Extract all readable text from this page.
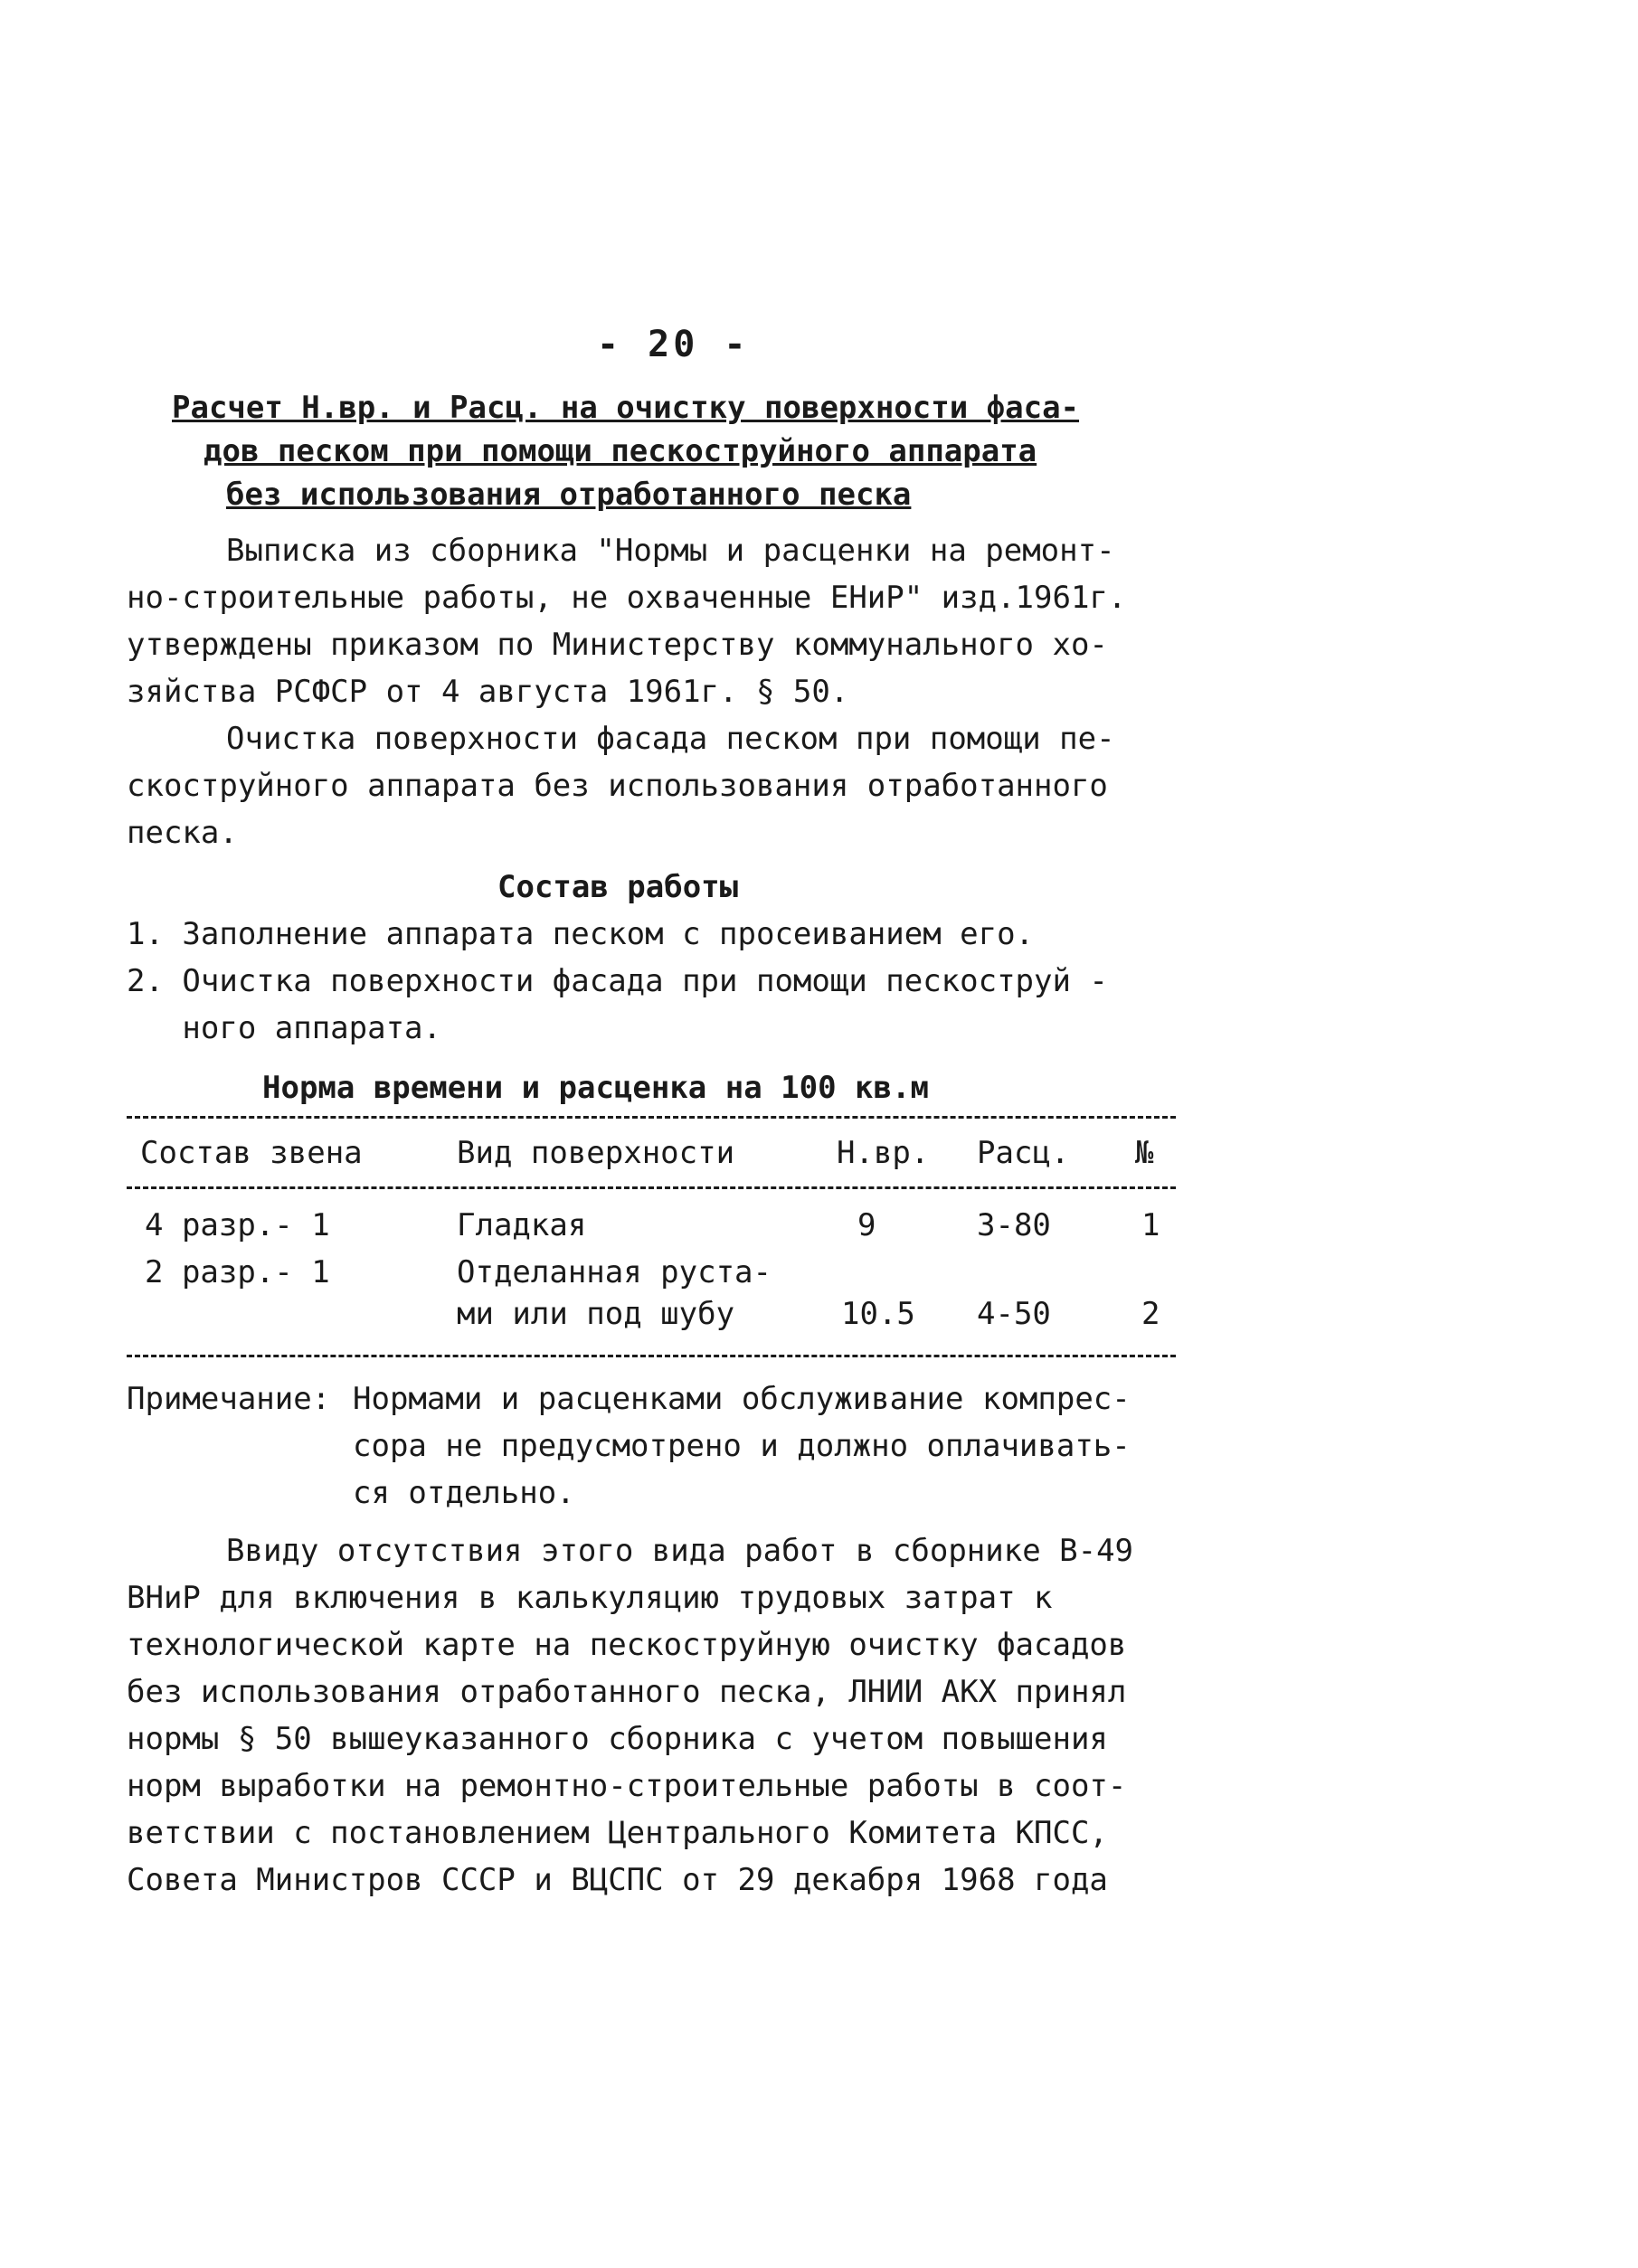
- 20 -
Расчет Н.вр. и Расц. на очистку поверхности фаса-
дов песком при помощи пескоструйного аппарата
без использования отработанного песка
Выписка из сборника "Нормы и расценки на ремонт-
но-строительные работы, не охваченные ЕНиР" изд.1961г.
утверждены приказом по Министерству коммунального хо-
зяйства РСФСР от 4 августа 1961г. § 50.
Очистка поверхности фасада песком при помощи пе-
скоструйного аппарата без использования отработанного
песка.
Состав работы
1. Заполнение аппарата песком с просеиванием его.
2. Очистка поверхности фасада при помощи пескоструй -
ного аппарата.
Норма времени и расценка на 100 кв.м
Состав звена	Вид поверхности	Н.вр. Расц. №
4 разр.- 1	Гладкая	9	3-80	1
2 разр.- 1	Отделанная руста-
ми или под шубу	10.5 4-50	2
Примечание: Нормами и расценками обслуживание компрес-
сора не предусмотрено и должно оплачивать-
ся отдельно.
Ввиду отсутствия этого вида работ в сборнике В-49
ВНиР для включения в калькуляцию трудовых затрат к
технологической карте на пескоструйную очистку фасадов
без использования отработанного песка, ЛНИИ АКХ принял
нормы § 50 вышеуказанного сборника с учетом повышения
норм выработки на ремонтно-строительные работы в соот-
ветствии с постановлением Центрального Комитета КПСС,
Совета Министров СССР и ВЦСПС от 29 декабря 1968 года
